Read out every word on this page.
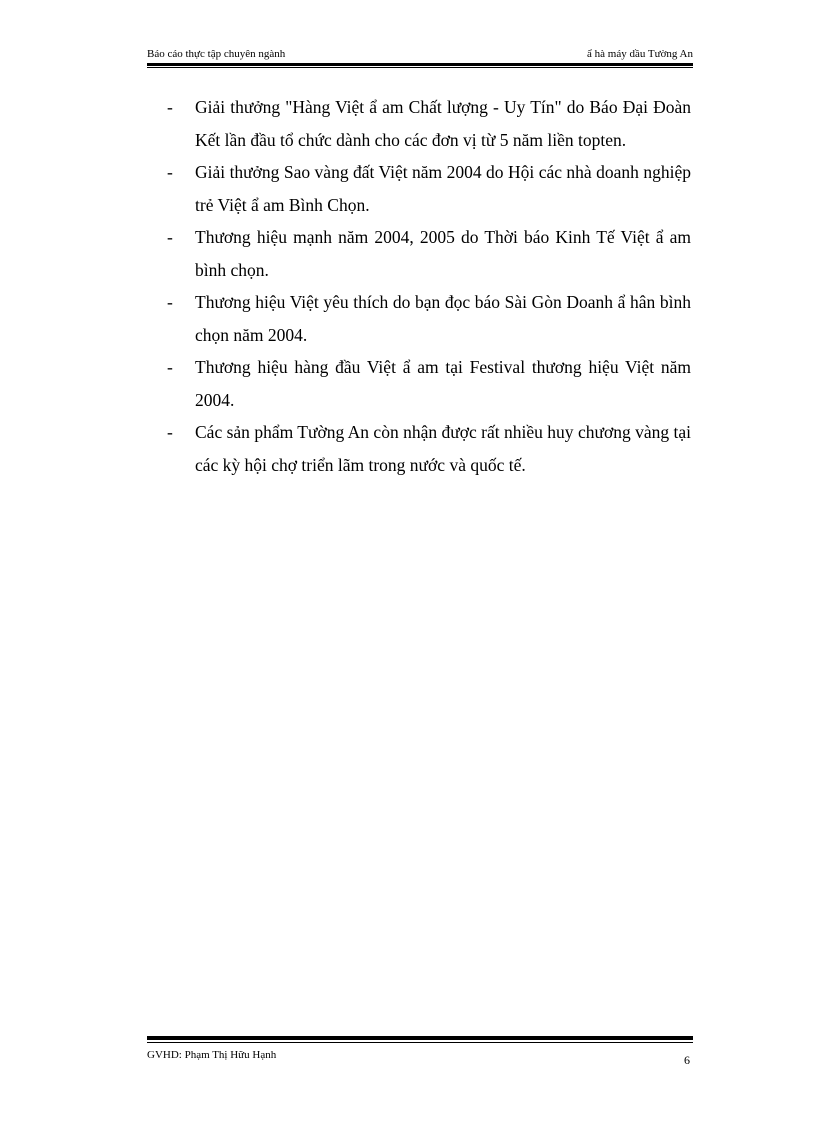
Báo cáo thực tập chuyên ngành	ẩ hà máy dầu Tường An
- Giải thưởng "Hàng Việt ẩ am Chất lượng - Uy Tín" do Báo Đại Đoàn Kết lần đầu tổ chức dành cho các đơn vị từ 5 năm liền topten.
- Giải thưởng Sao vàng đất Việt năm 2004 do Hội các nhà doanh nghiệp trẻ Việt ẩ am Bình Chọn.
- Thương hiệu mạnh năm 2004, 2005 do Thời báo Kinh Tế Việt ẩ am bình chọn.
- Thương hiệu Việt yêu thích do bạn đọc báo Sài Gòn Doanh ẩ hân bình chọn năm 2004.
- Thương hiệu hàng đầu Việt ẩ am tại Festival thương hiệu Việt năm 2004.
- Các sản phẩm Tường An còn nhận được rất nhiều huy chương vàng tại các kỳ hội chợ triển lãm trong nước và quốc tế.
GVHD: Phạm Thị Hữu Hạnh	6
